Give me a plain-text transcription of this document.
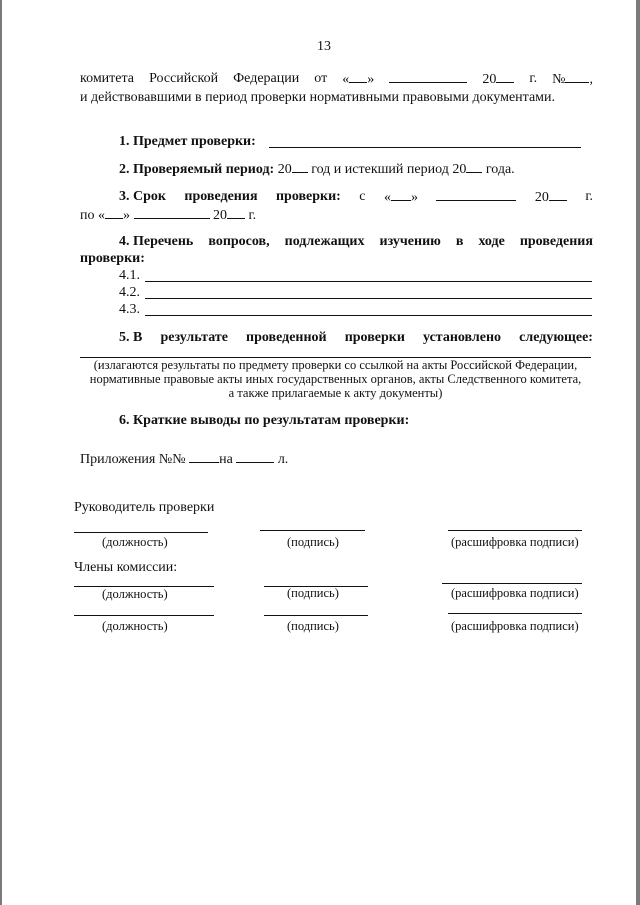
13
комитета Российской Федерации от « »	20	г. № ,
и действовавшими в период проверки нормативными правовыми документами.
1. Предмет проверки:
2. Проверяемый период: 20 год и истекший период 20 года.
3. Срок проведения проверки: с « »	20	г.
по « »	20 г.
4. Перечень вопросов, подлежащих изучению в ходе проведения
проверки:
4.1.
4.2.
4.3.
5. В результате проведенной проверки установлено следующее:
(излагаются результаты по предмету проверки со ссылкой на акты Российской Федерации,
нормативные правовые акты иных государственных органов, акты Следственного комитета,
а также прилагаемые к акту документы)
6. Краткие выводы по результатам проверки:
Приложения №№ на	л.
Руководитель проверки
(должность)	(подпись)	(расшифровка подписи)
Члены комиссии:
(должность)	(подпись)	(расшифровка подписи)
(должность)	(подпись)	(расшифровка подписи)
